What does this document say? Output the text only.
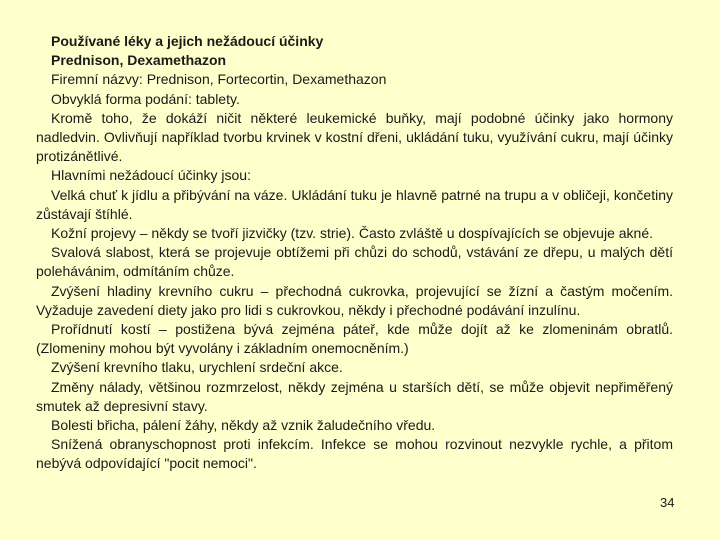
Používané léky a jejich nežádoucí účinky

Prednison, Dexamethazon

Firemní názvy: Prednison, Fortecortin, Dexamethazon

Obvyklá forma podání: tablety.

Kromě toho, že dokáží ničit některé leukemické buňky, mají podobné účinky jako hormony nadledvin. Ovlivňují například tvorbu krvinek v kostní dřeni, ukládání tuku, využívání cukru, mají účinky protizánětlivé.

Hlavními nežádoucí účinky jsou:

Velká chuť k jídlu a přibývání na váze. Ukládání tuku je hlavně patrné na trupu a v obličeji, končetiny zůstávají štíhlé.

Kožní projevy – někdy se tvoří jizvičky (tzv. strie). Často zvláště u dospívajících se objevuje akné.

Svalová slabost, která se projevuje obtížemi při chůzi do schodů, vstávání ze dřepu, u malých dětí polehávánim, odmítáním chůze.

Zvýšení hladiny krevního cukru – přechodná cukrovka, projevující se žízní a častým močením. Vyžaduje zavedení diety jako pro lidi s cukrovkou, někdy i přechodné podávání inzulínu.

Prořídnutí kostí – postižena bývá zejména páteř, kde může dojít až ke zlomeninám obratlů. (Zlomeniny mohou být vyvolány i základním onemocněním.)

Zvýšení krevního tlaku, urychlení srdeční akce.

Změny nálady, většinou rozmrzelost, někdy zejména u starších dětí, se může objevit nepřiměřený smutek až depresivní stavy.

Bolesti břicha, pálení žáhy, někdy až vznik žaludečního vředu.

Snížená obranyschopnost proti infekcím. Infekce se mohou rozvinout nezvykle rychle, a přitom nebývá odpovídající "pocit nemoci".

34
